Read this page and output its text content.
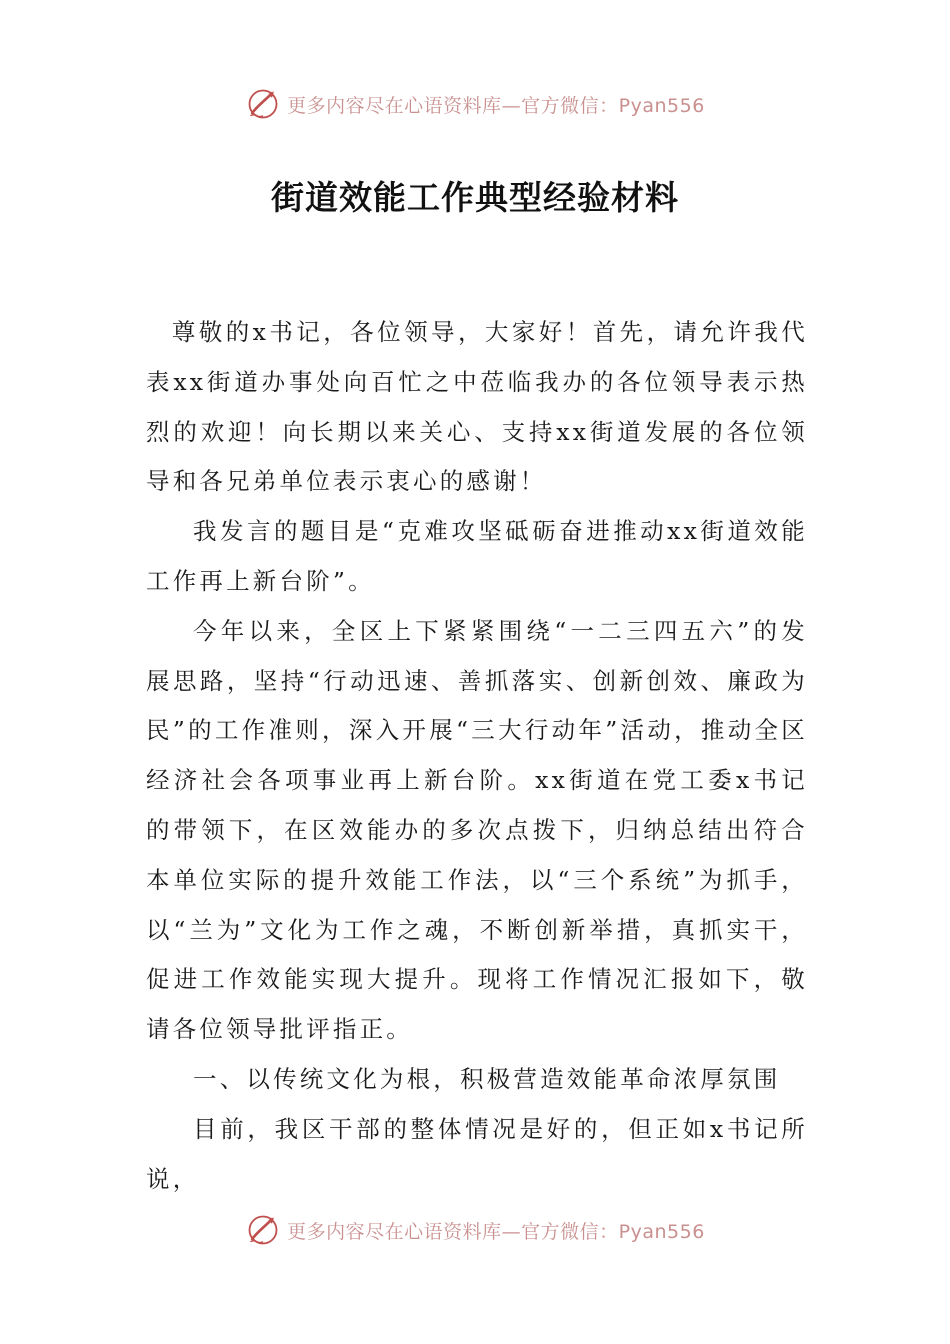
更多内容尽在心语资料库—官方微信：Pyan556
街道效能工作典型经验材料

尊敬的x书记，各位领导，大家好！首先，请允许我代表xx街道办事处向百忙之中莅临我办的各位领导表示热烈的欢迎！向长期以来关心、支持xx街道发展的各位领导和各兄弟单位表示衷心的感谢！

我发言的题目是“克难攻坚砥砺奋进推动xx街道效能工作再上新台阶”。

今年以来，全区上下紧紧围绕“一二三四五六”的发展思路，坚持“行动迅速、善抓落实、创新创效、廉政为民”的工作准则，深入开展“三大行动年”活动，推动全区经济社会各项事业再上新台阶。xx街道在党工委x书记的带领下，在区效能办的多次点拨下，归纳总结出符合本单位实际的提升效能工作法，以“三个系统”为抓手，以“兰为”文化为工作之魂，不断创新举措，真抓实干，促进工作效能实现大提升。现将工作情况汇报如下，敬请各位领导批评指正。

一、以传统文化为根，积极营造效能革命浓厚氛围

目前，我区干部的整体情况是好的，但正如x书记所说，

更多内容尽在心语资料库—官方微信：Pyan556
